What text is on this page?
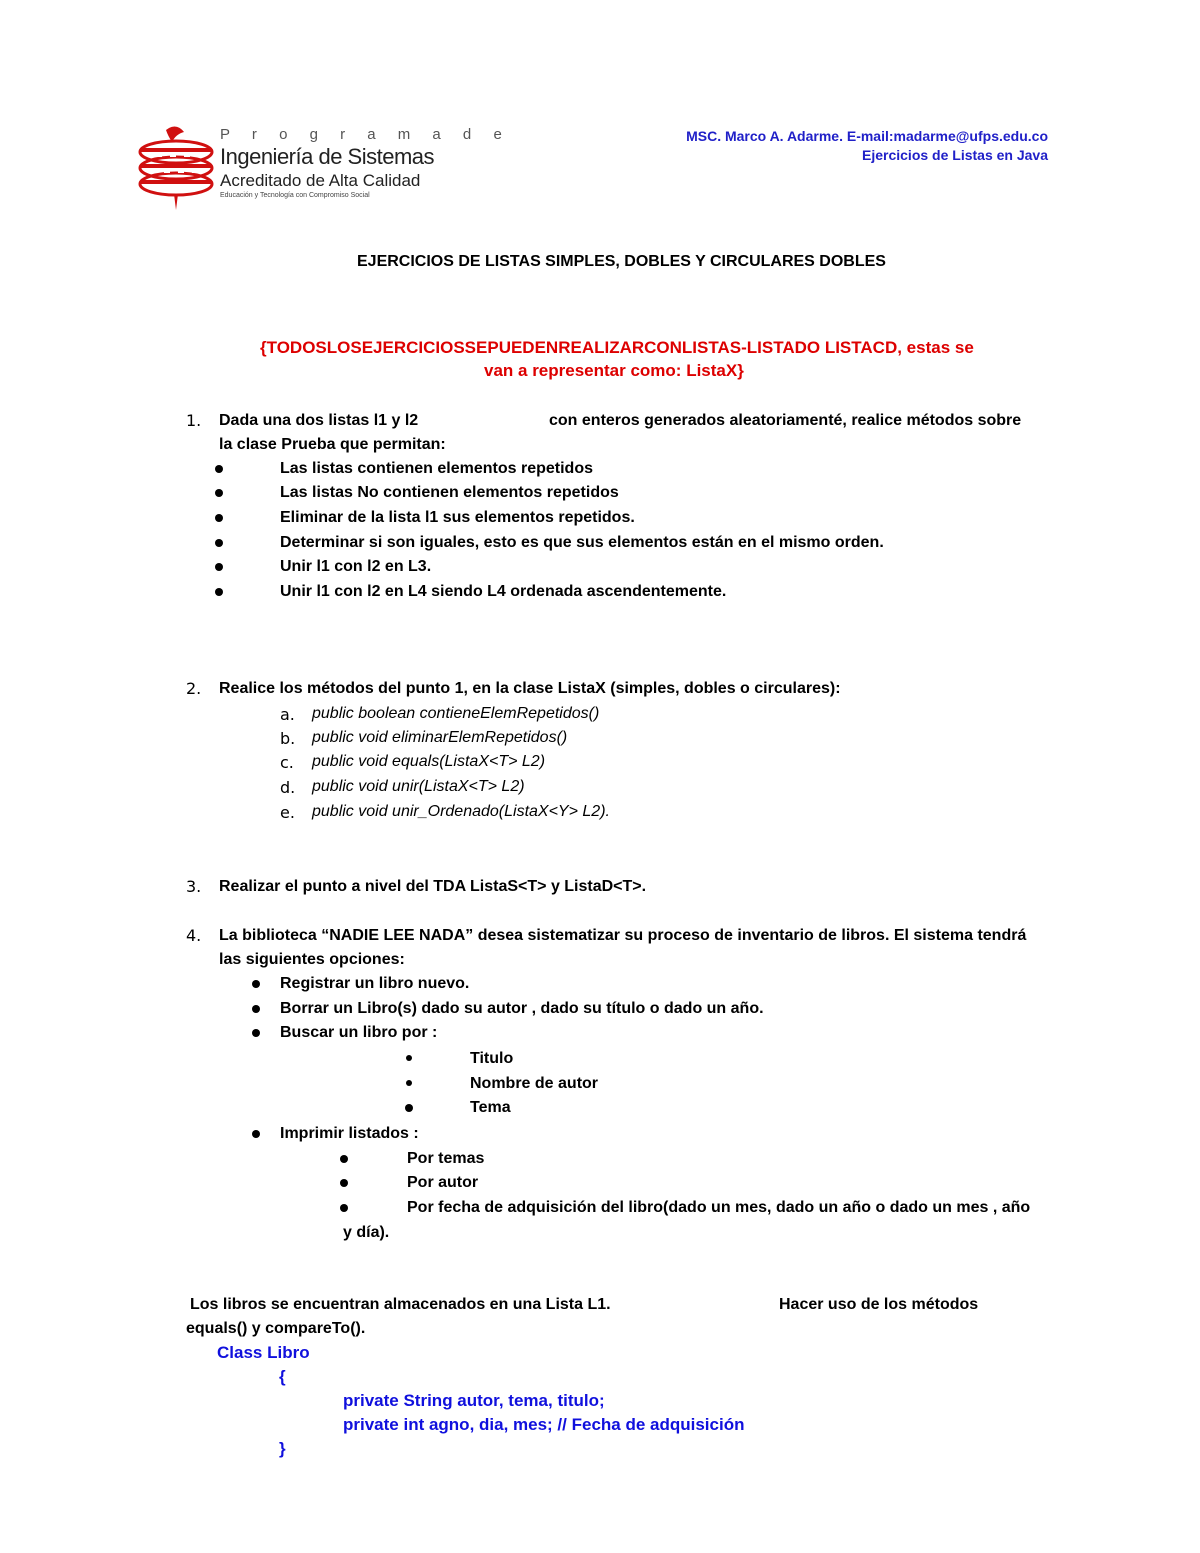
P r o g r a m a d e
Ingeniería de Sistemas
Acreditado de Alta Calidad
Educación y Tecnología con Compromiso Social
MSC. Marco A. Adarme. E-mail:madarme@ufps.edu.co
Ejercicios de Listas en Java
EJERCICIOS DE LISTAS SIMPLES, DOBLES Y CIRCULARES DOBLES
{TODOSLOSEJERCICIOSSEPUEDENREALIZARCONLISTAS-LISTADO LISTACD, estas se
van a representar como: ListaX}
1. Dada una dos listas l1 y l2	con enteros generados aleatoriamenté, realice métodos sobre
la clase Prueba que permitan:
Las listas contienen elementos repetidos
Las listas No contienen elementos repetidos
Eliminar de la lista l1 sus elementos repetidos.
Determinar si son iguales, esto es que sus elementos están en el mismo orden.
Unir l1 con l2 en L3.
Unir l1 con l2 en L4 siendo L4 ordenada ascendentemente.
2. Realice los métodos del punto 1, en la clase ListaX (simples, dobles o circulares):
a. public boolean contieneElemRepetidos()
b. public void eliminarElemRepetidos()
c. public void equals(ListaX<T> L2)
d. public void unir(ListaX<T> L2)
e. public void unir_Ordenado(ListaX<Y> L2).
3. Realizar el punto a nivel del TDA ListaS<T> y ListaD<T>.
4. La biblioteca “NADIE LEE NADA” desea sistematizar su proceso de inventario de libros. El sistema tendrá
las siguientes opciones:
Registrar un libro nuevo.
Borrar un Libro(s) dado su autor , dado su título o dado un año.
Buscar un libro por :
Titulo
Nombre de autor
Tema
Imprimir listados :
Por temas
Por autor
Por fecha de adquisición del libro(dado un mes, dado un año o dado un mes , año
y día).
Los libros se encuentran almacenados en una Lista L1.	Hacer uso de los métodos
equals() y compareTo().
Class Libro
{
private String autor, tema, titulo;
private int agno, dia, mes; // Fecha de adquisición
}
